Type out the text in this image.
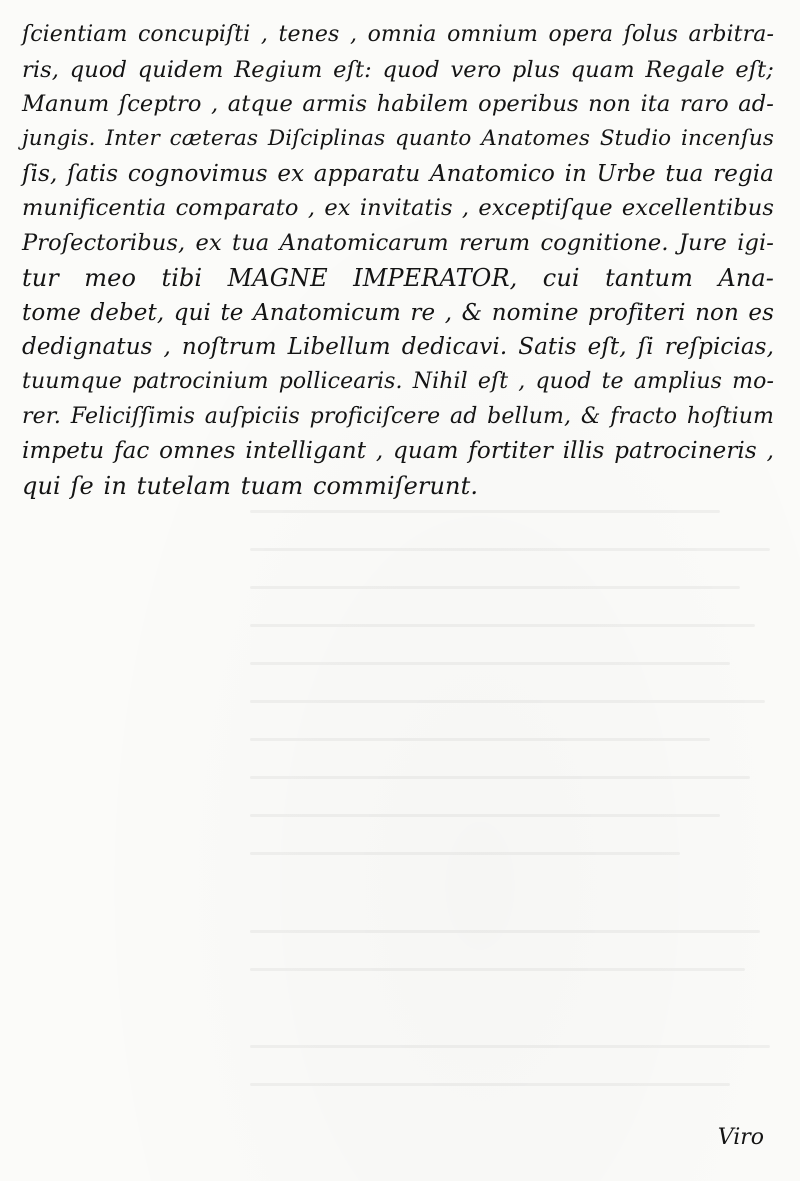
ſcientiam concupiſti , tenes , omnia omnium opera ſolus arbitra-
ris, quod quidem Regium eſt: quod vero plus quam Regale eſt;
Manum ſceptro , atque armis habilem operibus non ita raro ad-
jungis. Inter cæteras Diſciplinas quanto Anatomes Studio incenſus
ſis, ſatis cognovimus ex apparatu Anatomico in Urbe tua regia
munificentia comparato , ex invitatis , exceptiſque excellentibus
Proſectoribus, ex tua Anatomicarum rerum cognitione. Jure igi-
tur meo tibi MAGNE IMPERATOR, cui tantum Ana-
tome debet, qui te Anatomicum re , & nomine profiteri non es
dedignatus , noſtrum Libellum dedicavi. Satis eſt, ſi reſpicias,
tuumque patrocinium pollicearis. Nihil eſt , quod te amplius mo-
rer. Feliciſſimis auſpiciis proficiſcere ad bellum, & fracto hoſtium
impetu fac omnes intelligant , quam fortiter illis patrocineris ,
qui ſe in tutelam tuam commiſerunt.
Viro
